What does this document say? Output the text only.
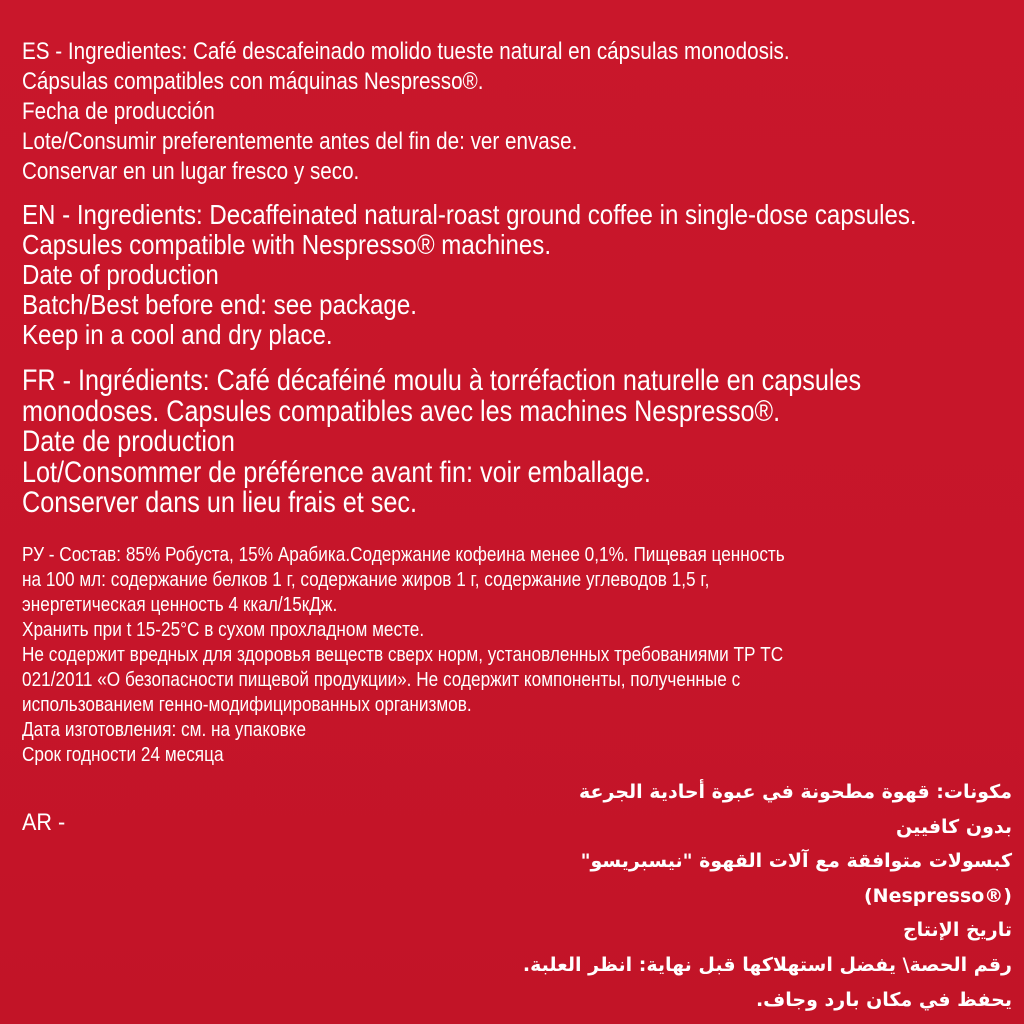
ES - Ingredientes: Café descafeinado molido tueste natural en cápsulas monodosis.
Cápsulas compatibles con máquinas Nespresso®.
Fecha de producción
Lote/Consumir preferentemente antes del fin de: ver envase.
Conservar en un lugar fresco y seco.
EN - Ingredients: Decaffeinated natural-roast ground coffee in single-dose capsules.
Capsules compatible with Nespresso® machines.
Date of production
Batch/Best before end: see package.
Keep in a cool and dry place.
FR - Ingrédients: Café décaféiné moulu à torréfaction naturelle en capsules
monodoses. Capsules compatibles avec les machines Nespresso®.
Date de production
Lot/Consommer de préférence avant fin: voir emballage.
Conserver dans un lieu frais et sec.
РУ - Состав: 85% Робуста, 15% Арабика.Содержание кофеина менее 0,1%. Пищевая ценность
на 100 мл: содержание белков 1 г, содержание жиров 1 г, содержание углеводов 1,5 г,
энергетическая ценность 4 ккал/15кДж.
Хранить при t 15-25°С в сухом прохладном месте.
Не содержит вредных для здоровья веществ сверх норм, установленных требованиями ТР ТС
021/2011 «О безопасности пищевой продукции». Не содержит компоненты, полученные с
использованием генно-модифицированных организмов.
Дата изготовления: см. на упаковке
Срок годности 24 месяца
AR -
مكونات: قهوة مطحونة في عبوة أحادية الجرعة
بدون كافيين
كبسولات متوافقة مع آلات القهوة "نيسبريسو"
(Nespresso®)
تاريخ الإنتاج
رقم الحصة\ يفضل استهلاكها قبل نهاية: انظر العلبة.
يحفظ في مكان بارد وجاف.
